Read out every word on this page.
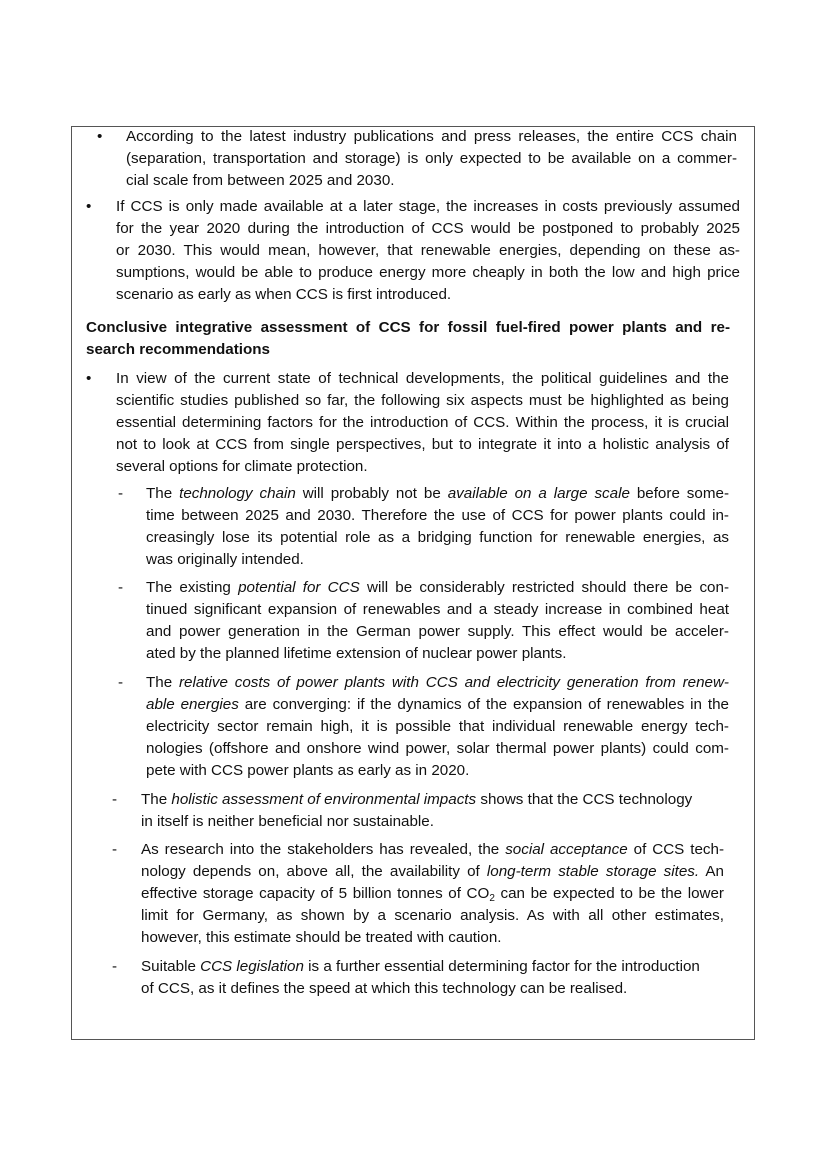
• According to the latest industry publications and press releases, the entire CCS chain
(separation, transportation and storage) is only expected to be available on a commer-
cial scale from between 2025 and 2030.
• If CCS is only made available at a later stage, the increases in costs previously assumed
for the year 2020 during the introduction of CCS would be postponed to probably 2025
or 2030. This would mean, however, that renewable energies, depending on these as-
sumptions, would be able to produce energy more cheaply in both the low and high price
scenario as early as when CCS is first introduced.
Conclusive integrative assessment of CCS for fossil fuel-fired power plants and re-
search recommendations
• In view of the current state of technical developments, the political guidelines and the
scientific studies published so far, the following six aspects must be highlighted as being
essential determining factors for the introduction of CCS. Within the process, it is crucial
not to look at CCS from single perspectives, but to integrate it into a holistic analysis of
several options for climate protection.
- The technology chain will probably not be available on a large scale before some-
time between 2025 and 2030. Therefore the use of CCS for power plants could in-
creasingly lose its potential role as a bridging function for renewable energies, as
was originally intended.
- The existing potential for CCS will be considerably restricted should there be con-
tinued significant expansion of renewables and a steady increase in combined heat
and power generation in the German power supply. This effect would be acceler-
ated by the planned lifetime extension of nuclear power plants.
- The relative costs of power plants with CCS and electricity generation from renew-
able energies are converging: if the dynamics of the expansion of renewables in the
electricity sector remain high, it is possible that individual renewable energy tech-
nologies (offshore and onshore wind power, solar thermal power plants) could com-
pete with CCS power plants as early as in 2020.
- The holistic assessment of environmental impacts shows that the CCS technology
in itself is neither beneficial nor sustainable.
- As research into the stakeholders has revealed, the social acceptance of CCS tech-
nology depends on, above all, the availability of long-term stable storage sites. An
effective storage capacity of 5 billion tonnes of $CO_2$ can be expected to be the lower
limit for Germany, as shown by a scenario analysis. As with all other estimates,
however, this estimate should be treated with caution.
- Suitable CCS legislation is a further essential determining factor for the introduction
of CCS, as it defines the speed at which this technology can be realised.
